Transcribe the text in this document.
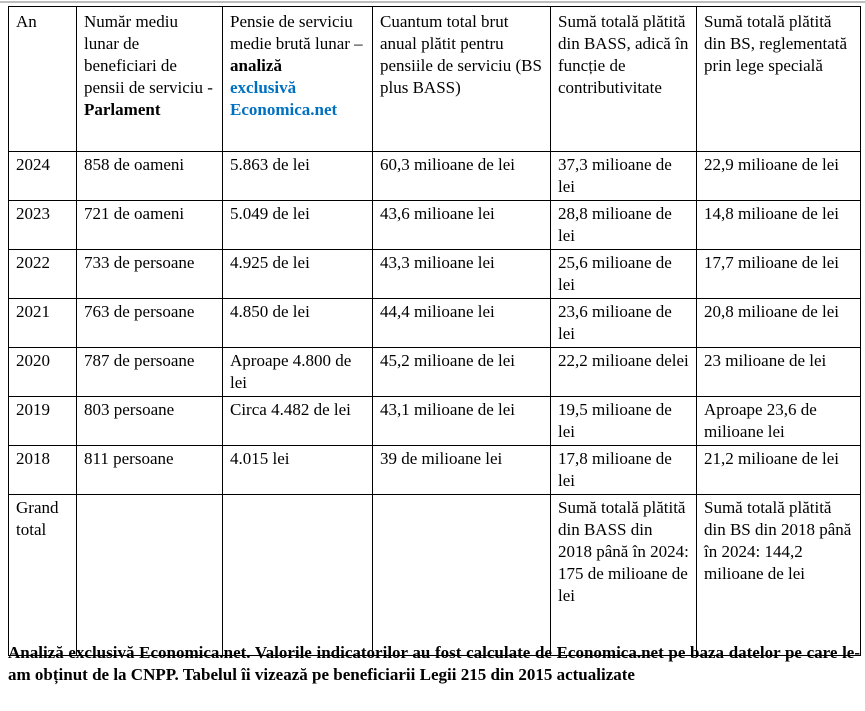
An	Număr mediu lunar de beneficiari de pensii de serviciu -
Parlament	Pensie de serviciu medie brută lunar –
analiză
exclusivă Economica.net	Cuantum total brut anual plătit pentru pensiile de serviciu (BS plus BASS)	Sumă totală plătită din BASS, adică în funcție de contributivitate	Sumă totală plătită din BS, reglementată prin lege specială
2024	858 de oameni	5.863 de lei	60,3 milioane de lei	37,3 milioane de lei	22,9 milioane de lei
2023	721 de oameni	5.049 de lei	43,6 milioane lei	28,8 milioane de lei	14,8 milioane de lei
2022	733 de persoane	4.925 de lei	43,3 milioane lei	25,6 milioane de lei	17,7 milioane de lei
2021	763 de persoane	4.850 de lei	44,4 milioane lei	23,6 milioane de lei	20,8 milioane de lei
2020	787 de persoane	Aproape 4.800 de lei	45,2 milioane de lei	22,2 milioane delei	23 milioane de lei
2019	803 persoane	Circa 4.482 de lei	43,1 milioane de lei	19,5 milioane de lei	Aproape 23,6 de milioane lei
2018	811 persoane	4.015 lei	39 de milioane lei	17,8 milioane de lei	21,2 milioane de lei
Grand total				Sumă totală plătită din BASS din 2018 până în 2024: 175 de milioane de lei	Sumă totală plătită din BS din 2018 până în 2024: 144,2 milioane de lei
Analiză exclusivă Economica.net. Valorile indicatorilor au fost calculate de Economica.net pe baza datelor pe care le-am obținut de la CNPP. Tabelul îi vizează pe beneficiarii Legii 215 din 2015 actualizate
